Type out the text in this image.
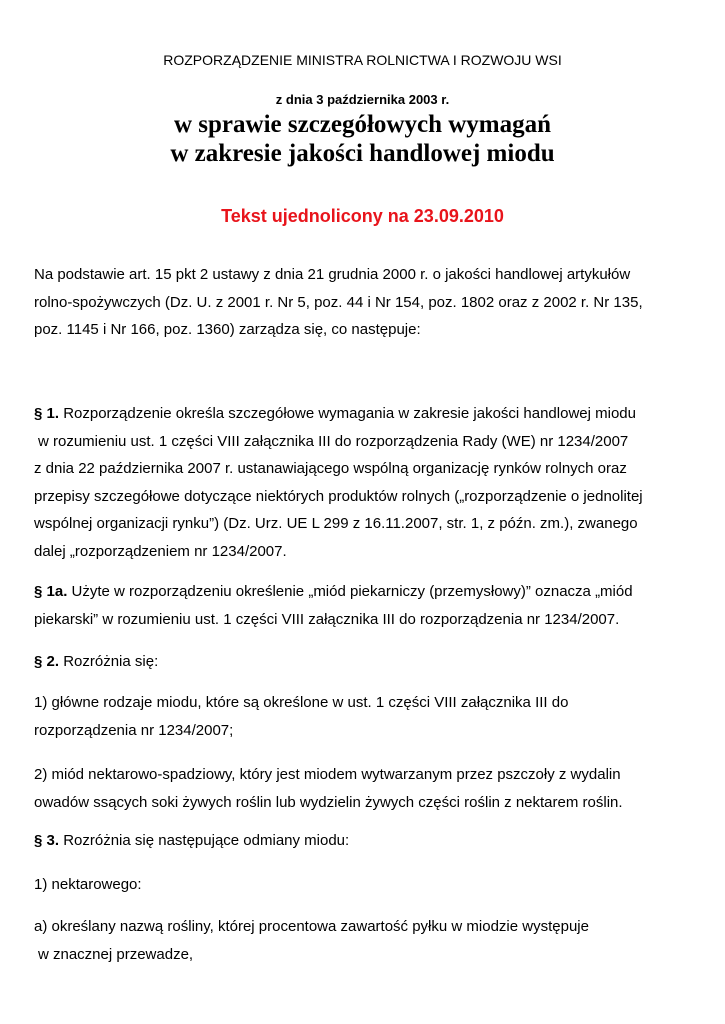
ROZPORZĄDZENIE MINISTRA ROLNICTWA I ROZWOJU WSI
z dnia 3 października 2003 r.
w sprawie szczegółowych wymagań
w zakresie jakości handlowej miodu
Tekst ujednolicony na 23.09.2010

Na podstawie art. 15 pkt 2 ustawy z dnia 21 grudnia 2000 r. o jakości handlowej artykułów
rolno-spożywczych (Dz. U. z 2001 r. Nr 5, poz. 44 i Nr 154, poz. 1802 oraz z 2002 r. Nr 135,
poz. 1145 i Nr 166, poz. 1360) zarządza się, co następuje:

§ 1. Rozporządzenie określa szczegółowe wymagania w zakresie jakości handlowej miodu
w rozumieniu ust. 1 części VIII załącznika III do rozporządzenia Rady (WE) nr 1234/2007
z dnia 22 października 2007 r. ustanawiającego wspólną organizację rynków rolnych oraz
przepisy szczegółowe dotyczące niektórych produktów rolnych („rozporządzenie o jednolitej
wspólnej organizacji rynku”) (Dz. Urz. UE L 299 z 16.11.2007, str. 1, z późn. zm.), zwanego
dalej „rozporządzeniem nr 1234/2007.

§ 1a. Użyte w rozporządzeniu określenie „miód piekarniczy (przemysłowy)” oznacza „miód
piekarski” w rozumieniu ust. 1 części VIII załącznika III do rozporządzenia nr 1234/2007.

§ 2. Rozróżnia się:

1) główne rodzaje miodu, które są określone w ust. 1 części VIII załącznika III do
rozporządzenia nr 1234/2007;

2) miód nektarowo-spadziowy, który jest miodem wytwarzanym przez pszczoły z wydalin
owadów ssących soki żywych roślin lub wydzielin żywych części roślin z nektarem roślin.

§ 3. Rozróżnia się następujące odmiany miodu:

1) nektarowego:

a) określany nazwą rośliny, której procentowa zawartość pyłku w miodzie występuje
w znacznej przewadze,
